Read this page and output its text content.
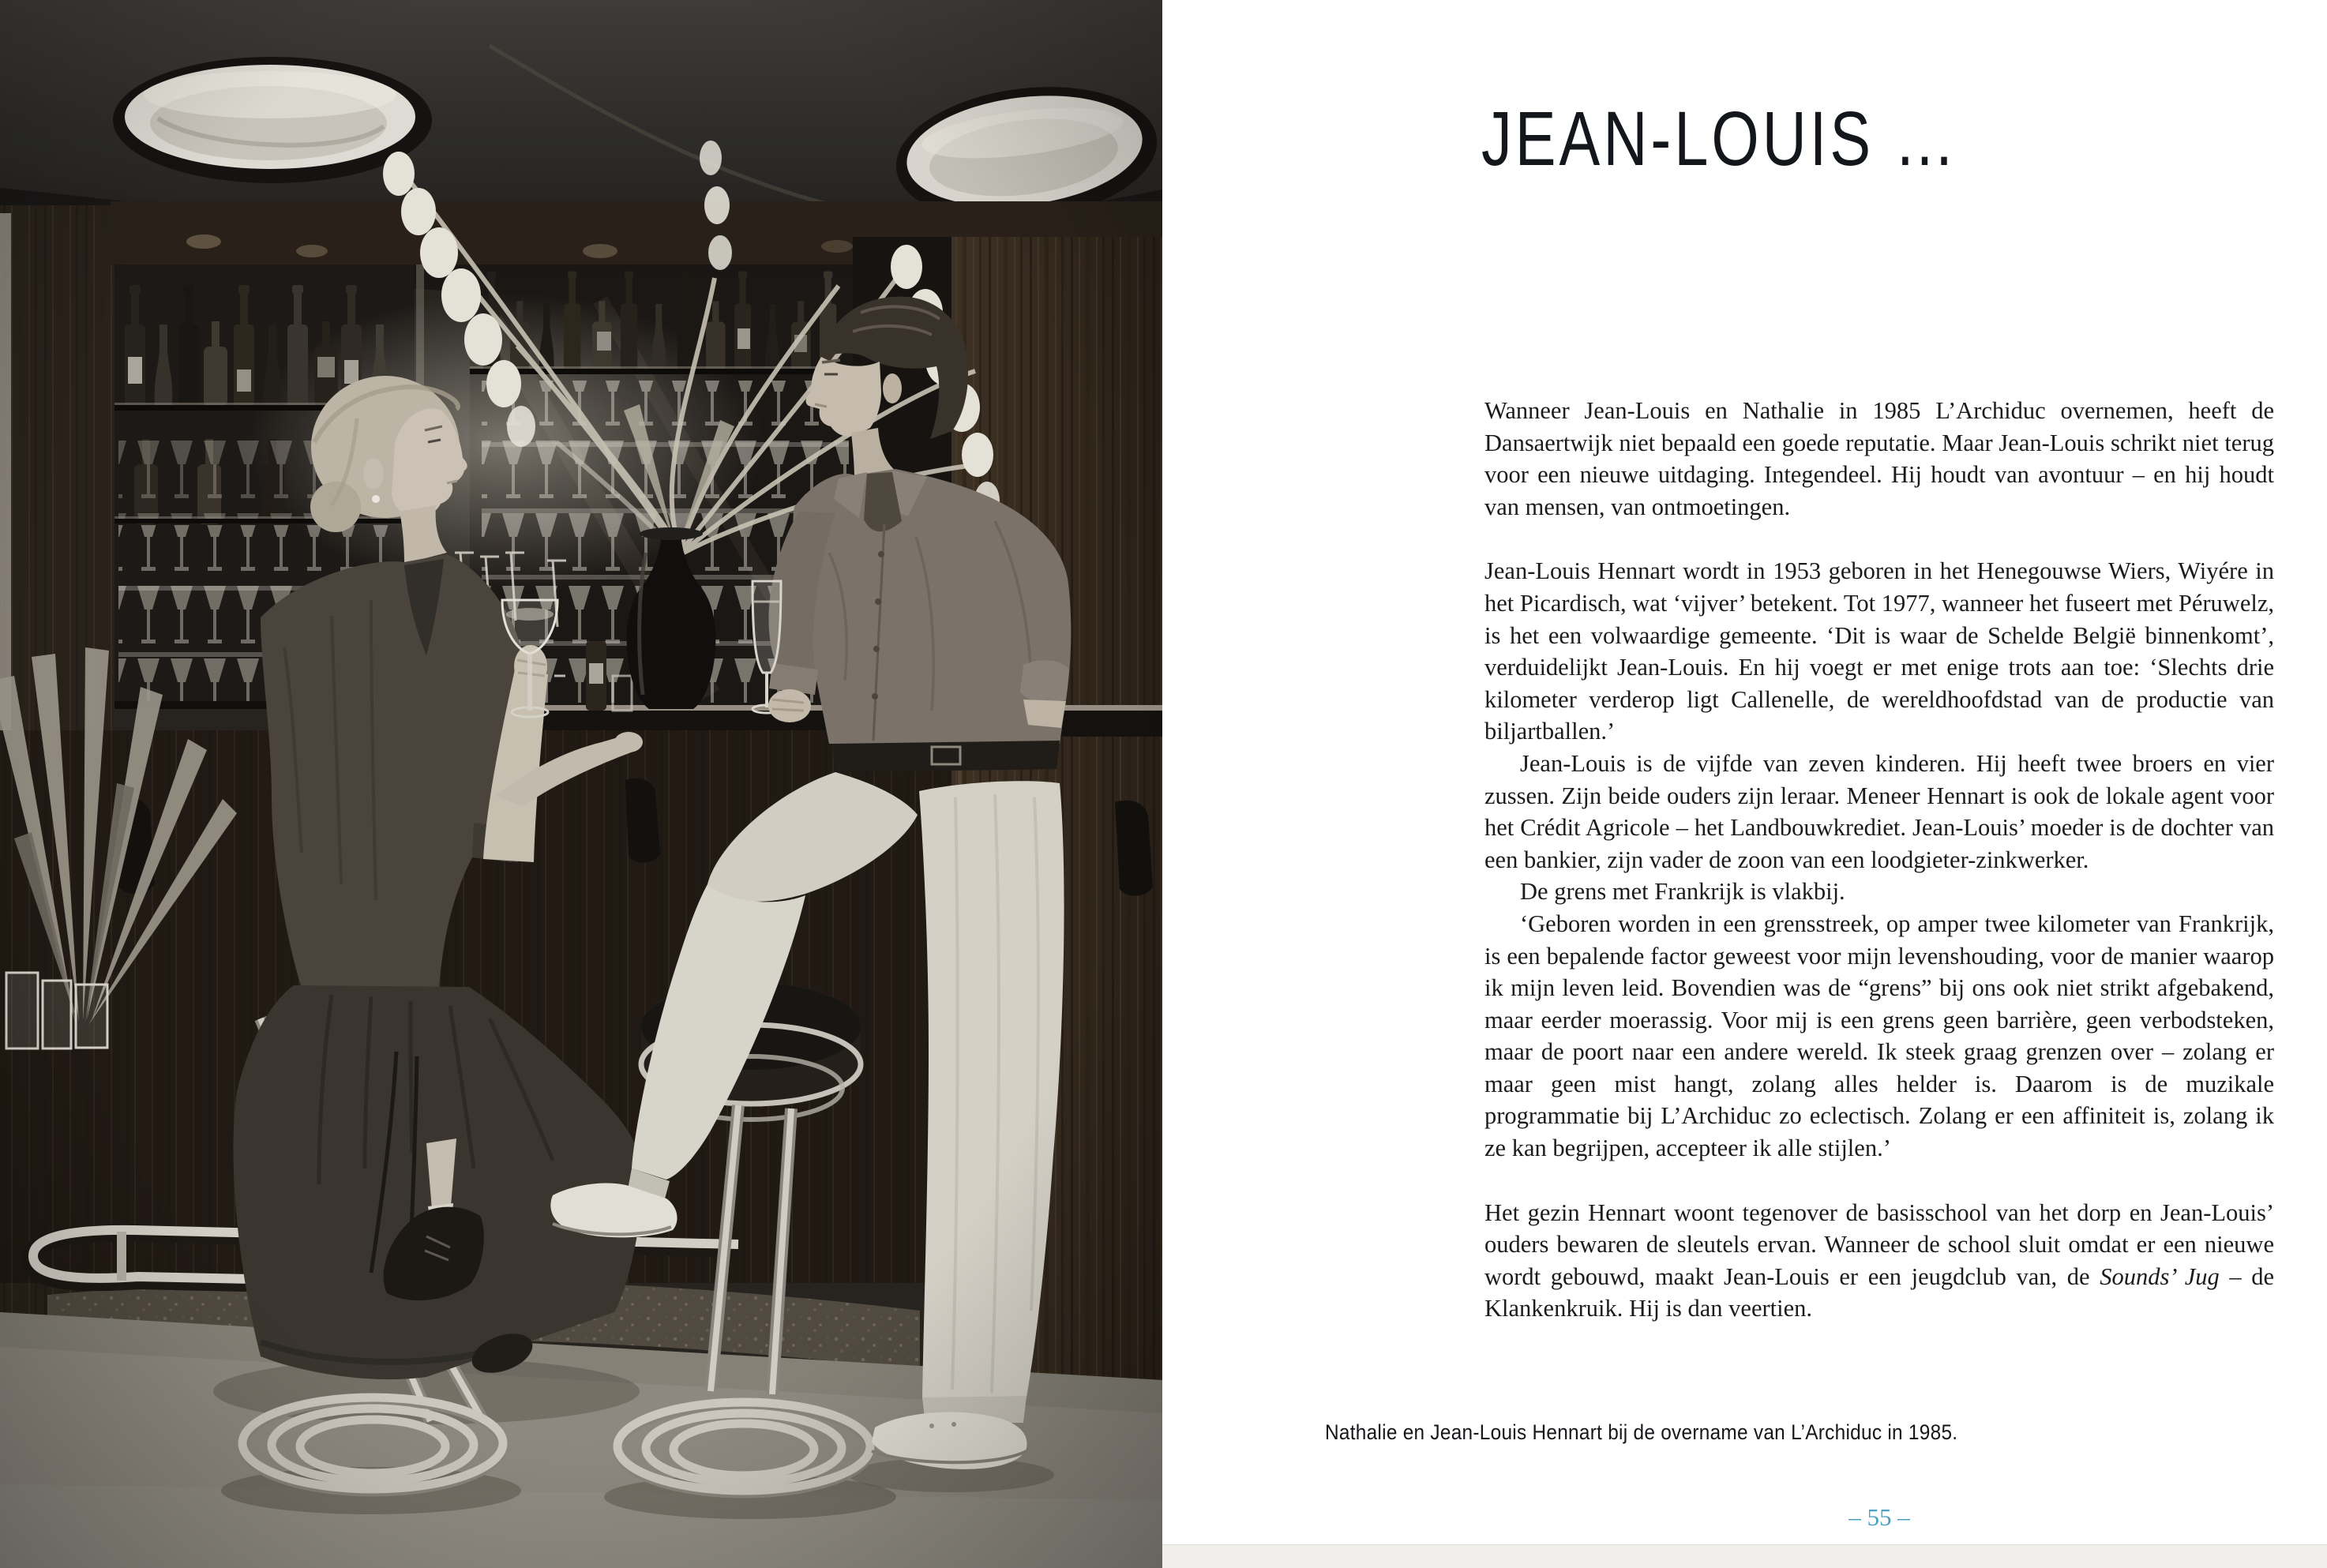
JEAN-LOUIS …

Wanneer Jean-Louis en Nathalie in 1985 L’Archiduc overnemen, heeft de Dansaertwijk niet bepaald een goede reputatie. Maar Jean-Louis schrikt niet terug voor een nieuwe uitdaging. Integendeel. Hij houdt van avontuur – en hij houdt van mensen, van ontmoetingen.

Jean-Louis Hennart wordt in 1953 geboren in het Henegouwse Wiers, Wiyére in het Picardisch, wat ‘vijver’ betekent. Tot 1977, wanneer het fuseert met Péruwelz, is het een volwaardige gemeente. ‘Dit is waar de Schelde België binnenkomt’, verduidelijkt Jean-Louis. En hij voegt er met enige trots aan toe: ‘Slechts drie kilometer verderop ligt Callenelle, de wereldhoofdstad van de productie van biljartballen.’

Jean-Louis is de vijfde van zeven kinderen. Hij heeft twee broers en vier zussen. Zijn beide ouders zijn leraar. Meneer Hennart is ook de lokale agent voor het Crédit Agricole – het Landbouwkrediet. Jean-Louis’ moeder is de dochter van een bankier, zijn vader de zoon van een loodgieter-zinkwerker.

De grens met Frankrijk is vlakbij.

‘Geboren worden in een grensstreek, op amper twee kilometer van Frankrijk, is een bepalende factor geweest voor mijn levenshouding, voor de manier waarop ik mijn leven leid. Bovendien was de “grens” bij ons ook niet strikt afgebakend, maar eerder moerassig. Voor mij is een grens geen barrière, geen verbodsteken, maar de poort naar een andere wereld. Ik steek graag grenzen over – zolang er maar geen mist hangt, zolang alles helder is. Daarom is de muzikale programmatie bij L’Archiduc zo eclectisch. Zolang er een affiniteit is, zolang ik ze kan begrijpen, accepteer ik alle stijlen.’

Het gezin Hennart woont tegenover de basisschool van het dorp en Jean-Louis’ ouders bewaren de sleutels ervan. Wanneer de school sluit omdat er een nieuwe wordt gebouwd, maakt Jean-Louis er een jeugdclub van, de Sounds’ Jug – de Klankenkruik. Hij is dan veertien.

Nathalie en Jean-Louis Hennart bij de overname van L’Archiduc in 1985.

– 55 –
